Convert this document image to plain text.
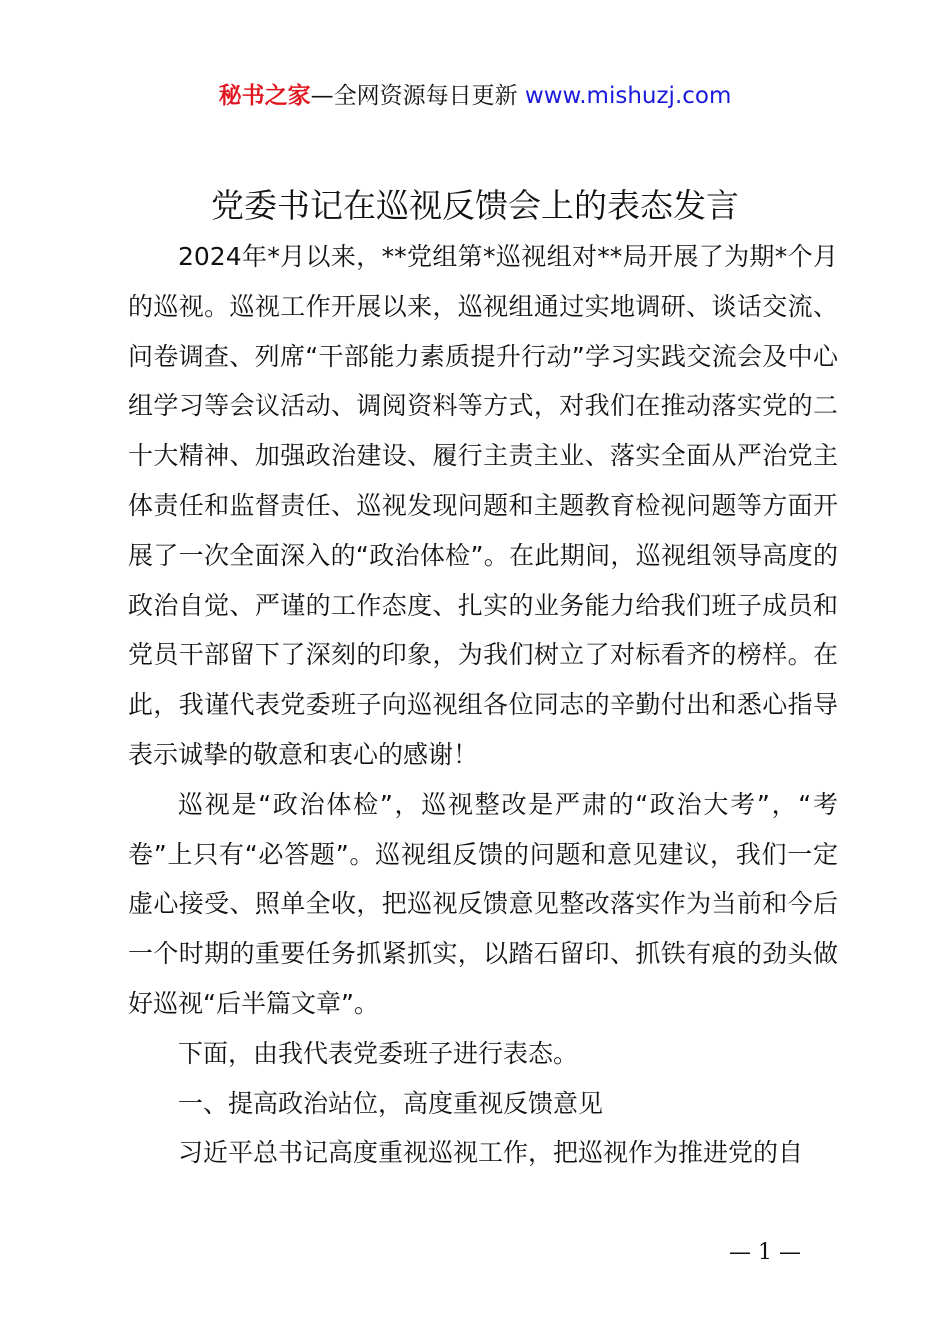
秘书之家—全网资源每日更新 www.mishuzj.com
党委书记在巡视反馈会上的表态发言

2024年*月以来，**党组第*巡视组对**局开展了为期*个月的巡视。巡视工作开展以来，巡视组通过实地调研、谈话交流、问卷调查、列席“干部能力素质提升行动”学习实践交流会及中心组学习等会议活动、调阅资料等方式，对我们在推动落实党的二十大精神、加强政治建设、履行主责主业、落实全面从严治党主体责任和监督责任、巡视发现问题和主题教育检视问题等方面开展了一次全面深入的“政治体检”。在此期间，巡视组领导高度的政治自觉、严谨的工作态度、扎实的业务能力给我们班子成员和党员干部留下了深刻的印象，为我们树立了对标看齐的榜样。在此，我谨代表党委班子向巡视组各位同志的辛勤付出和悉心指导表示诚挚的敬意和衷心的感谢！

巡视是“政治体检”，巡视整改是严肃的“政治大考”，“考卷”上只有“必答题”。巡视组反馈的问题和意见建议，我们一定虚心接受、照单全收，把巡视反馈意见整改落实作为当前和今后一个时期的重要任务抓紧抓实，以踏石留印、抓铁有痕的劲头做好巡视“后半篇文章”。

下面，由我代表党委班子进行表态。

一、提高政治站位，高度重视反馈意见

习近平总书记高度重视巡视工作，把巡视作为推进党的自

— 1 —
